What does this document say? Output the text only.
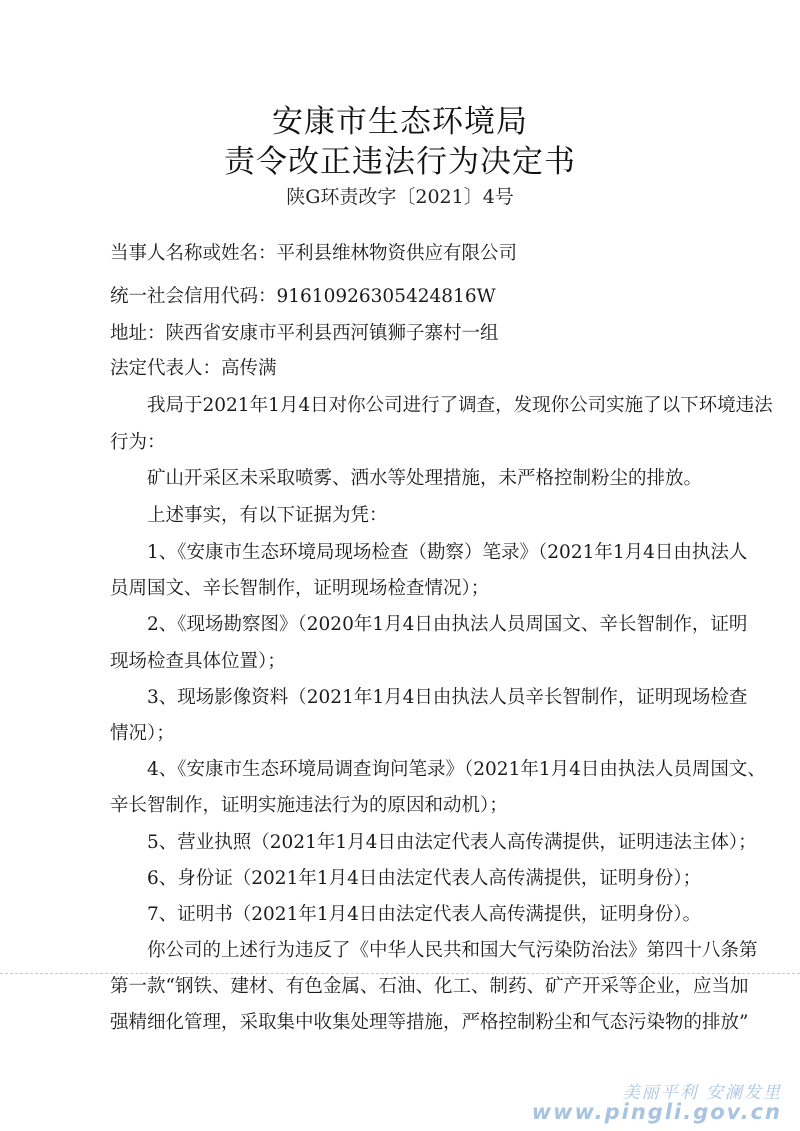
安康市生态环境局
责令改正违法行为决定书
陕G环责改字〔2021〕4号
当事人名称或姓名：平利县维林物资供应有限公司
统一社会信用代码：91610926305424816W
地址：陕西省安康市平利县西河镇狮子寨村一组
法定代表人：高传满
我局于2021年1月4日对你公司进行了调查，发现你公司实施了以下环境违法
行为：
矿山开采区未采取喷雾、洒水等处理措施，未严格控制粉尘的排放。
上述事实，有以下证据为凭：
1、《安康市生态环境局现场检查（勘察）笔录》（2021年1月4日由执法人
员周国文、辛长智制作，证明现场检查情况）；
2、《现场勘察图》（2020年1月4日由执法人员周国文、辛长智制作，证明
现场检查具体位置）；
3、现场影像资料（2021年1月4日由执法人员辛长智制作，证明现场检查
情况）；
4、《安康市生态环境局调查询问笔录》（2021年1月4日由执法人员周国文、
辛长智制作，证明实施违法行为的原因和动机）；
5、营业执照（2021年1月4日由法定代表人高传满提供，证明违法主体）；
6、身份证（2021年1月4日由法定代表人高传满提供，证明身份）；
7、证明书（2021年1月4日由法定代表人高传满提供，证明身份）。
你公司的上述行为违反了《中华人民共和国大气污染防治法》第四十八条第
第一款“钢铁、建材、有色金属、石油、化工、制药、矿产开采等企业，应当加
强精细化管理，采取集中收集处理等措施，严格控制粉尘和气态污染物的排放”
美丽平利 安澜发里
www.pingli.gov.cn
